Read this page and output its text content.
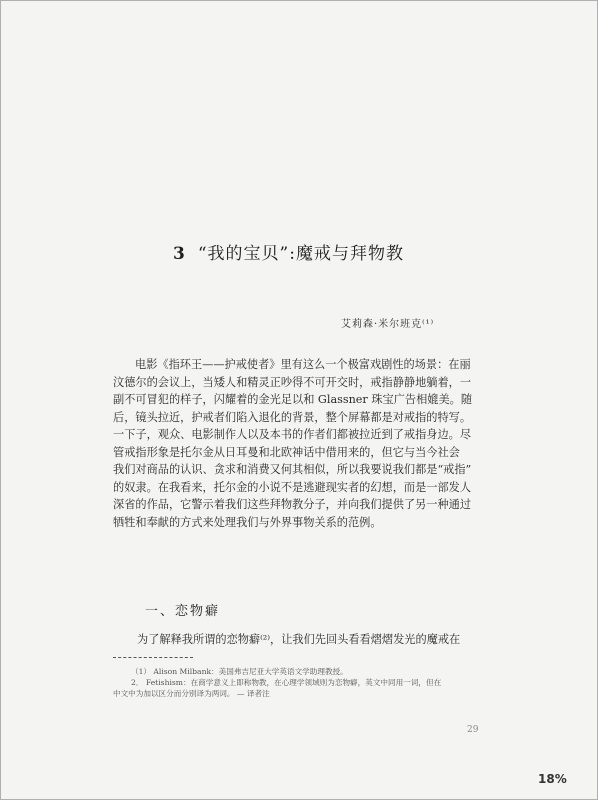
3 “我的宝贝”:魔戒与拜物教
艾莉森·米尔班克⁽¹⁾
电影《指环王——护戒使者》里有这么一个极富戏剧性的场景：在丽
汶德尔的会议上，当矮人和精灵正吵得不可开交时，戒指静静地躺着，一
副不可冒犯的样子，闪耀着的金光足以和 Glassner 珠宝广告相媲美。随
后，镜头拉近，护戒者们陷入退化的背景，整个屏幕都是对戒指的特写。
一下子，观众、电影制作人以及本书的作者们都被拉近到了戒指身边。尽
管戒指形象是托尔金从日耳曼和北欧神话中借用来的，但它与当今社会
我们对商品的认识、贪求和消费又何其相似，所以我要说我们都是“戒指”
的奴隶。在我看来，托尔金的小说不是逃避现实者的幻想，而是一部发人
深省的作品，它警示着我们这些拜物教分子，并向我们提供了另一种通过
牺牲和奉献的方式来处理我们与外界事物关系的范例。
一、恋物癖
为了解释我所谓的恋物癖⁽²⁾，让我们先回头看看熠熠发光的魔戒在
（1） Alison Milbank：美国弗吉尼亚大学英语文学助理教授。
2． Fetishism：在商学意义上即称物教，在心理学领域则为恋物癖，英文中同用一词，但在
中文中为加以区分而分别译为两词。 — 译者注
29
18%
